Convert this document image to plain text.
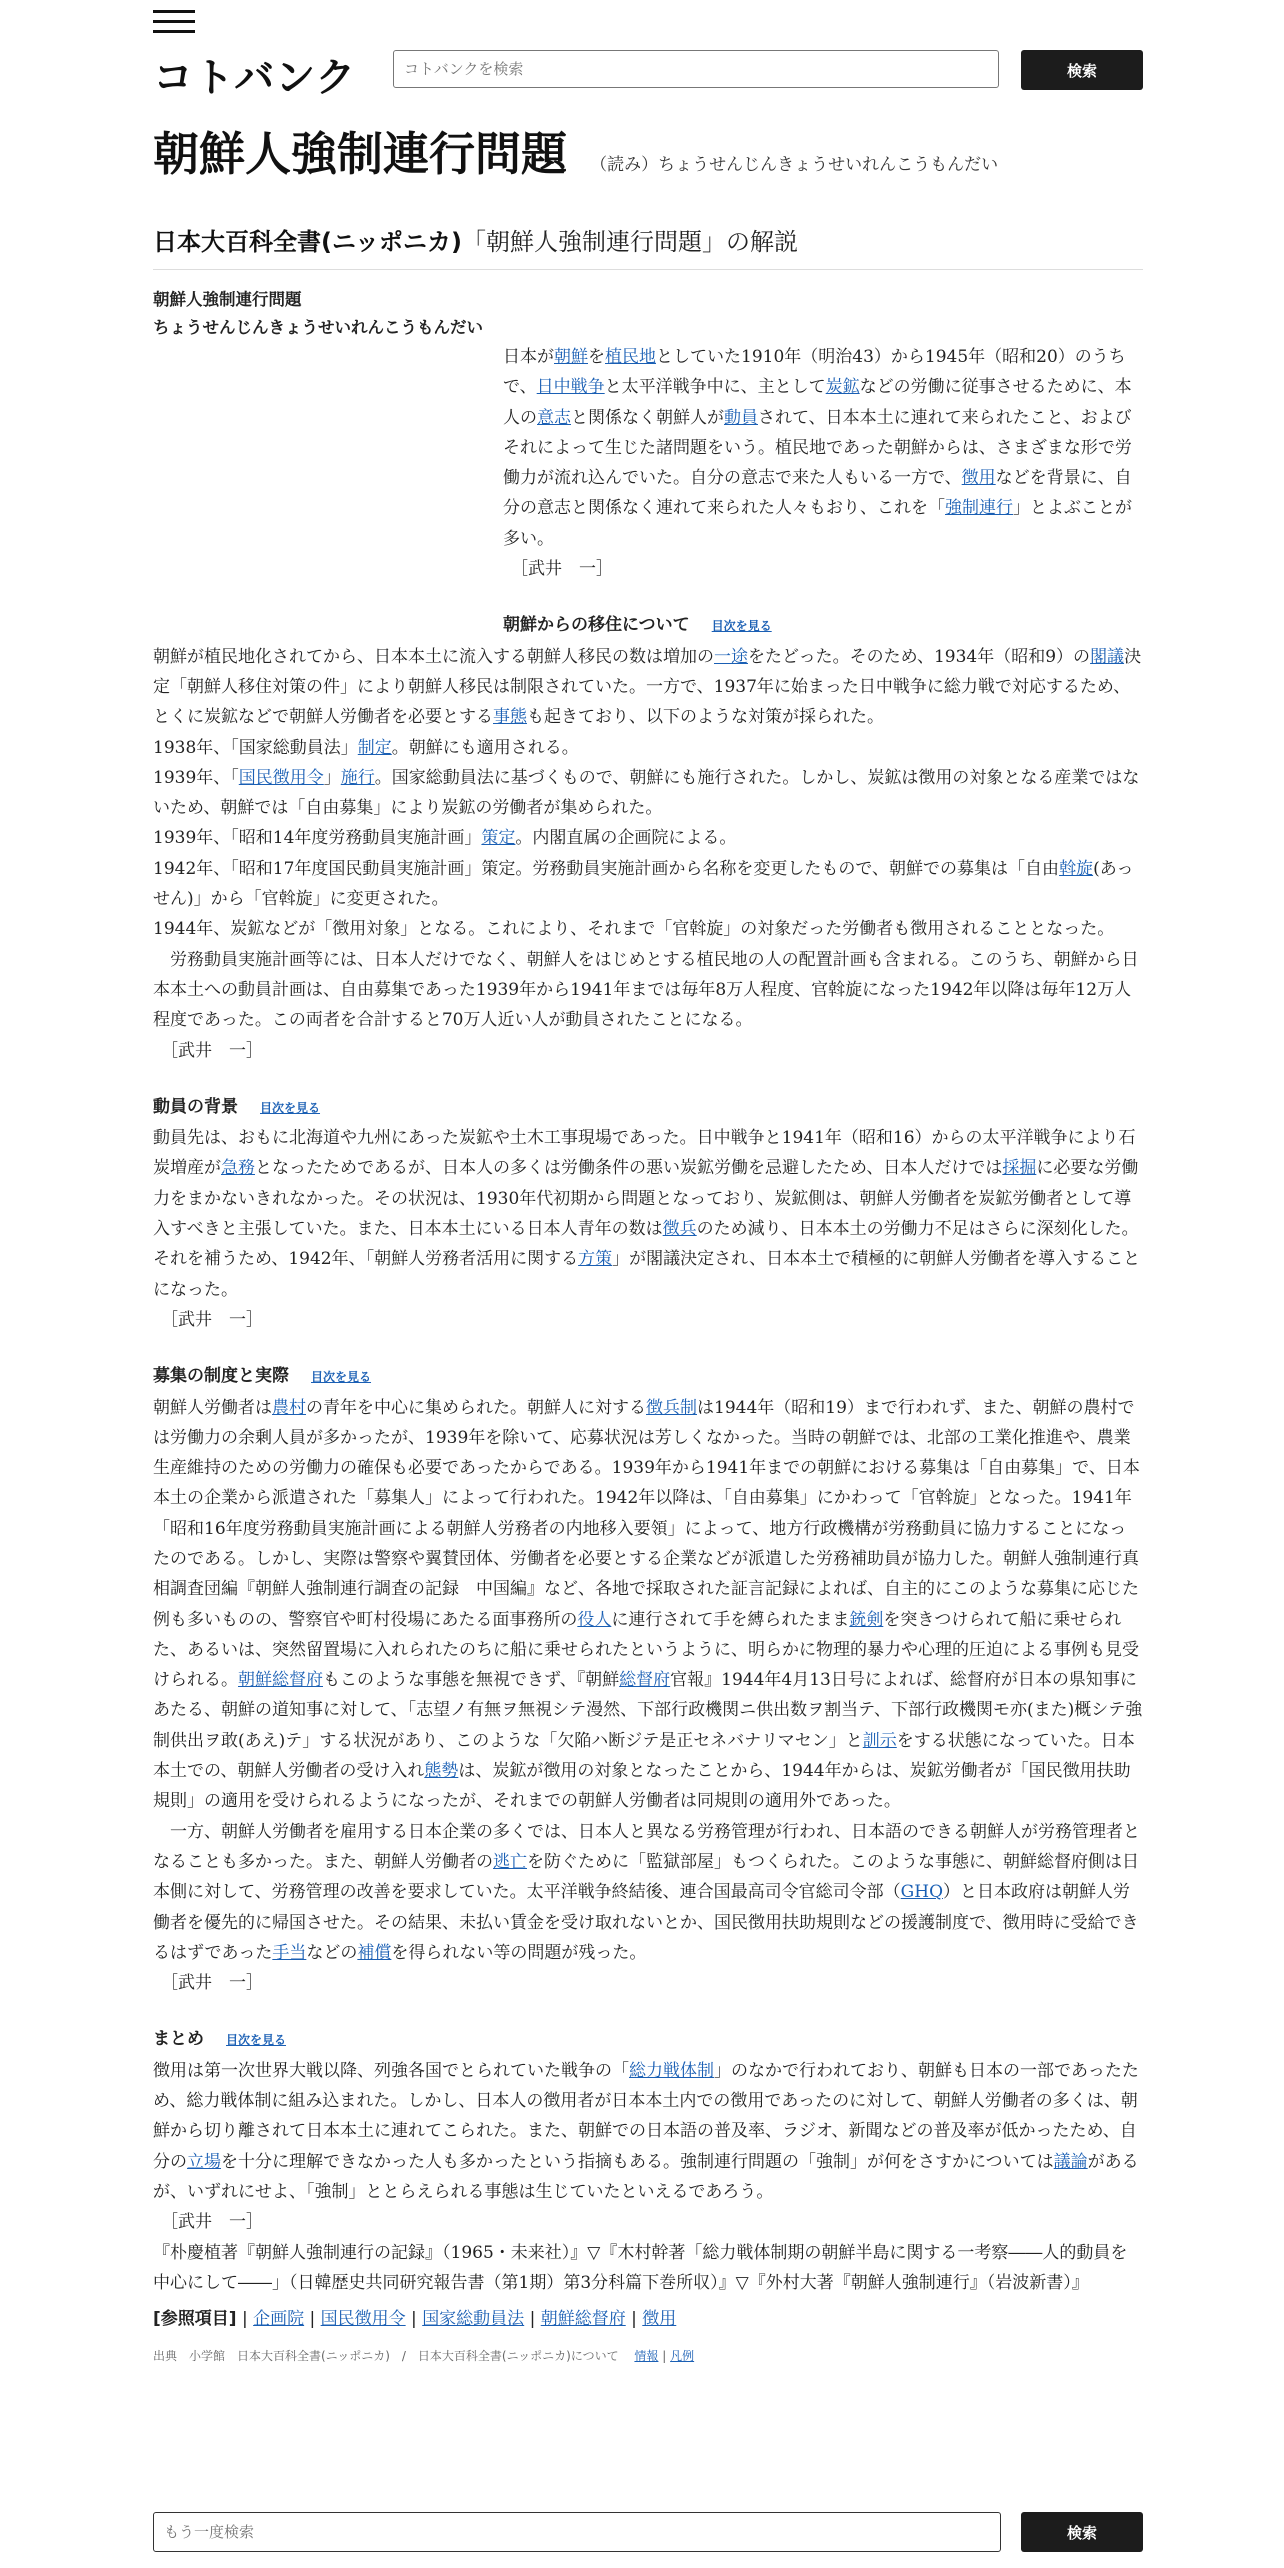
コトバンク
コトバンクを検索	検索
朝鮮人強制連行問題 （読み）ちょうせんじんきょうせいれんこうもんだい
日本大百科全書(ニッポニカ)「朝鮮人強制連行問題」の解説

朝鮮人強制連行問題

ちょうせんじんきょうせいれんこうもんだい

日本が朝鮮を植民地としていた1910年（明治43）から1945年（昭和20）のうちで、日中戦争と太平洋戦争中に、主として炭鉱などの労働に従事させるために、本人の意志と関係なく朝鮮人が動員されて、日本本土に連れて来られたこと、およびそれによって生じた諸問題をいう。植民地であった朝鮮からは、さまざまな形で労働力が流れ込んでいた。自分の意志で来た人もいる一方で、徴用などを背景に、自分の意志と関係なく連れて来られた人々もおり、これを「強制連行」とよぶことが多い。

［武井　一］

朝鮮からの移住について 目次を見る

朝鮮が植民地化されてから、日本本土に流入する朝鮮人移民の数は増加の一途をたどった。そのため、1934年（昭和9）の閣議決定「朝鮮人移住対策の件」により朝鮮人移民は制限されていた。一方で、1937年に始まった日中戦争に総力戦で対応するため、とくに炭鉱などで朝鮮人労働者を必要とする事態も起きており、以下のような対策が採られた。

1938年、「国家総動員法」制定。朝鮮にも適用される。

1939年、「国民徴用令」施行。国家総動員法に基づくもので、朝鮮にも施行された。しかし、炭鉱は徴用の対象となる産業ではないため、朝鮮では「自由募集」により炭鉱の労働者が集められた。

1939年、「昭和14年度労務動員実施計画」策定。内閣直属の企画院による。

1942年、「昭和17年度国民動員実施計画」策定。労務動員実施計画から名称を変更したもので、朝鮮での募集は「自由斡旋(あっせん)」から「官斡旋」に変更された。

1944年、炭鉱などが「徴用対象」となる。これにより、それまで「官斡旋」の対象だった労働者も徴用されることとなった。

労務動員実施計画等には、日本人だけでなく、朝鮮人をはじめとする植民地の人の配置計画も含まれる。このうち、朝鮮から日本本土への動員計画は、自由募集であった1939年から1941年までは毎年8万人程度、官斡旋になった1942年以降は毎年12万人程度であった。この両者を合計すると70万人近い人が動員されたことになる。

［武井　一］

動員の背景 目次を見る

動員先は、おもに北海道や九州にあった炭鉱や土木工事現場であった。日中戦争と1941年（昭和16）からの太平洋戦争により石炭増産が急務となったためであるが、日本人の多くは労働条件の悪い炭鉱労働を忌避したため、日本人だけでは採掘に必要な労働力をまかないきれなかった。その状況は、1930年代初期から問題となっており、炭鉱側は、朝鮮人労働者を炭鉱労働者として導入すべきと主張していた。また、日本本土にいる日本人青年の数は徴兵のため減り、日本本土の労働力不足はさらに深刻化した。それを補うため、1942年、「朝鮮人労務者活用に関する方策」が閣議決定され、日本本土で積極的に朝鮮人労働者を導入することになった。

［武井　一］

募集の制度と実際 目次を見る

朝鮮人労働者は農村の青年を中心に集められた。朝鮮人に対する徴兵制は1944年（昭和19）まで行われず、また、朝鮮の農村では労働力の余剰人員が多かったが、1939年を除いて、応募状況は芳しくなかった。当時の朝鮮では、北部の工業化推進や、農業生産維持のための労働力の確保も必要であったからである。1939年から1941年までの朝鮮における募集は「自由募集」で、日本本土の企業から派遣された「募集人」によって行われた。1942年以降は、「自由募集」にかわって「官斡旋」となった。1941年「昭和16年度労務動員実施計画による朝鮮人労務者の内地移入要領」によって、地方行政機構が労務動員に協力することになったのである。しかし、実際は警察や翼賛団体、労働者を必要とする企業などが派遣した労務補助員が協力した。朝鮮人強制連行真相調査団編『朝鮮人強制連行調査の記録　中国編』など、各地で採取された証言記録によれば、自主的にこのような募集に応じた例も多いものの、警察官や町村役場にあたる面事務所の役人に連行されて手を縛られたまま銃剣を突きつけられて船に乗せられた、あるいは、突然留置場に入れられたのちに船に乗せられたというように、明らかに物理的暴力や心理的圧迫による事例も見受けられる。朝鮮総督府もこのような事態を無視できず、『朝鮮総督府官報』1944年4月13日号によれば、総督府が日本の県知事にあたる、朝鮮の道知事に対して、「志望ノ有無ヲ無視シテ漫然、下部行政機関ニ供出数ヲ割当テ、下部行政機関モ亦(また)概シテ強制供出ヲ敢(あえ)テ」する状況があり、このような「欠陥ハ断ジテ是正セネバナリマセン」と訓示をする状態になっていた。日本本土での、朝鮮人労働者の受け入れ態勢は、炭鉱が徴用の対象となったことから、1944年からは、炭鉱労働者が「国民徴用扶助規則」の適用を受けられるようになったが、それまでの朝鮮人労働者は同規則の適用外であった。

一方、朝鮮人労働者を雇用する日本企業の多くでは、日本人と異なる労務管理が行われ、日本語のできる朝鮮人が労務管理者となることも多かった。また、朝鮮人労働者の逃亡を防ぐために「監獄部屋」もつくられた。このような事態に、朝鮮総督府側は日本側に対して、労務管理の改善を要求していた。太平洋戦争終結後、連合国最高司令官総司令部（GHQ）と日本政府は朝鮮人労働者を優先的に帰国させた。その結果、未払い賃金を受け取れないとか、国民徴用扶助規則などの援護制度で、徴用時に受給できるはずであった手当などの補償を得られない等の問題が残った。

［武井　一］

まとめ 目次を見る

徴用は第一次世界大戦以降、列強各国でとられていた戦争の「総力戦体制」のなかで行われており、朝鮮も日本の一部であったため、総力戦体制に組み込まれた。しかし、日本人の徴用者が日本本土内での徴用であったのに対して、朝鮮人労働者の多くは、朝鮮から切り離されて日本本土に連れてこられた。また、朝鮮での日本語の普及率、ラジオ、新聞などの普及率が低かったため、自分の立場を十分に理解できなかった人も多かったという指摘もある。強制連行問題の「強制」が何をさすかについては議論があるが、いずれにせよ、「強制」ととらえられる事態は生じていたといえるであろう。

［武井　一］

『朴慶植著『朝鮮人強制連行の記録』（1965・未来社）』▽『木村幹著「総力戦体制期の朝鮮半島に関する一考察――人的動員を中心にして――」（日韓歴史共同研究報告書（第1期）第3分科篇下巻所収）』▽『外村大著『朝鮮人強制連行』（岩波新書）』

[参照項目] | 企画院 | 国民徴用令 | 国家総動員法 | 朝鮮総督府 | 徴用

出典　小学館　日本大百科全書(ニッポニカ)　/　日本大百科全書(ニッポニカ)について 　 情報 | 凡例

もう一度検索
検索
